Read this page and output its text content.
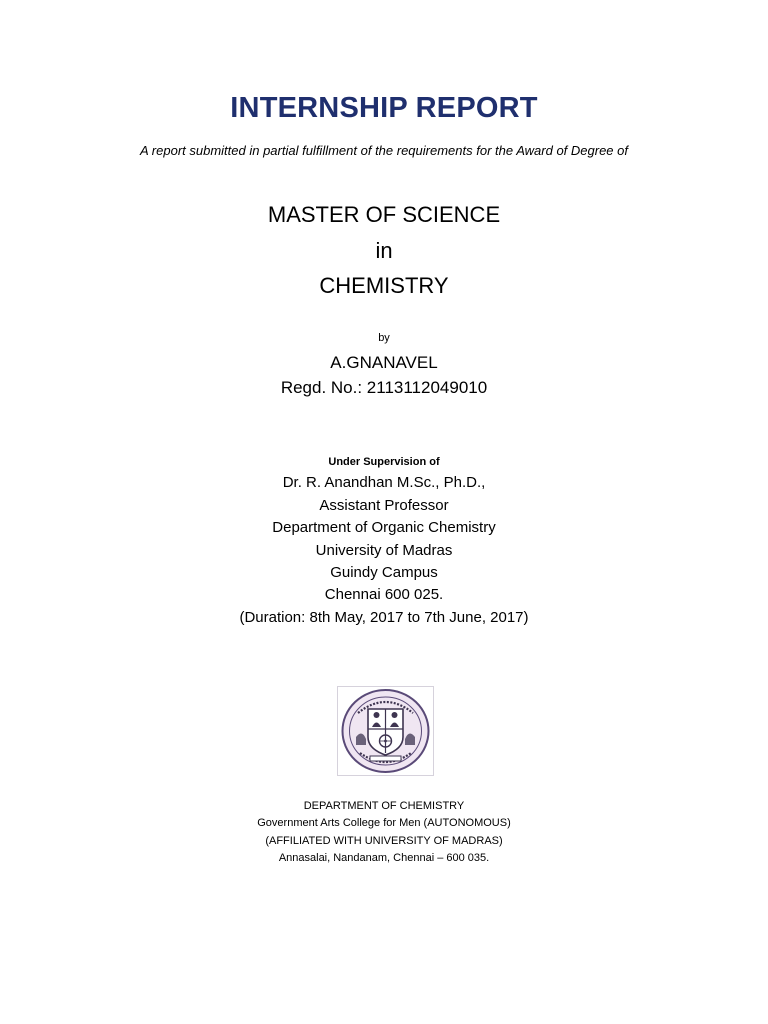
INTERNSHIP REPORT
A report submitted in partial fulfillment of the requirements for the Award of Degree of
MASTER OF SCIENCE
in
CHEMISTRY
by
A.GNANAVEL
Regd. No.: 2113112049010
Under Supervision of
Dr. R. Anandhan M.Sc., Ph.D.,
Assistant Professor
Department of Organic Chemistry
University of Madras
Guindy Campus
Chennai 600 025.
(Duration: 8th May, 2017 to 7th June, 2017)
DEPARTMENT OF CHEMISTRY
Government Arts College for Men (AUTONOMOUS)
(AFFILIATED WITH UNIVERSITY OF MADRAS)
Annasalai, Nandanam, Chennai – 600 035.
